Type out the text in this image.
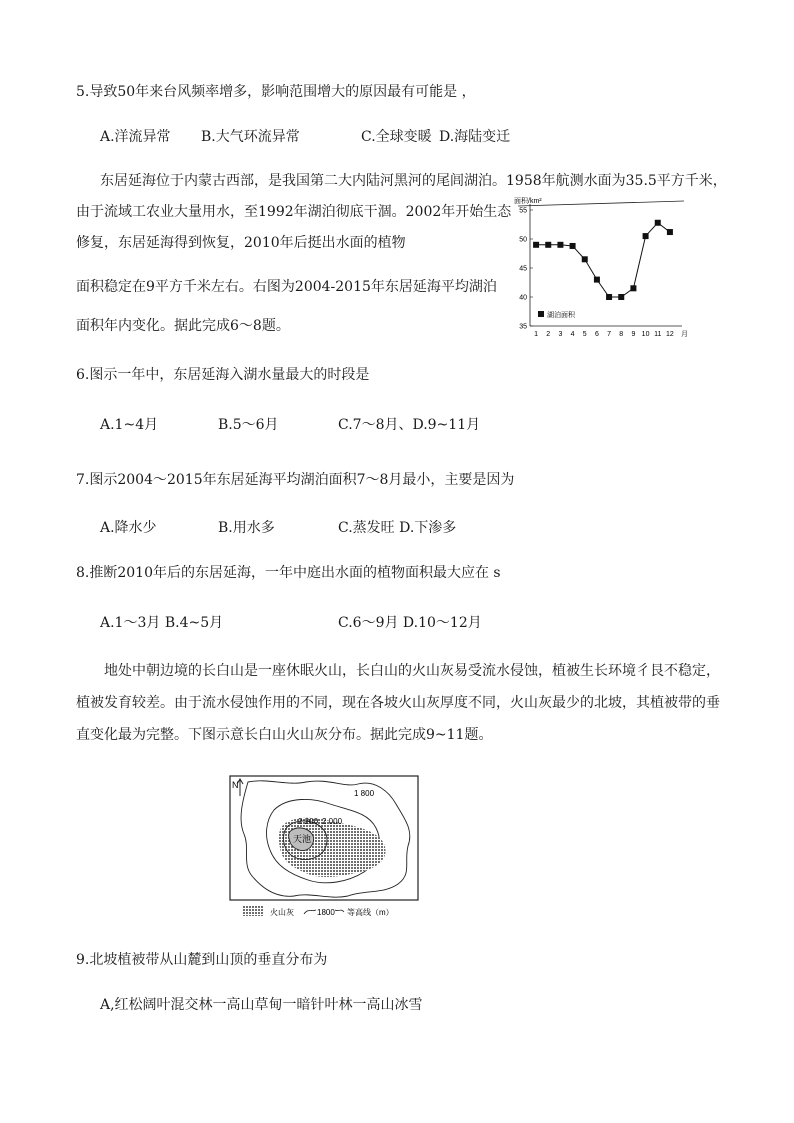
5.导致50年来台风频率增多，影响范围增大的原因最有可能是 ，
A.洋流异常 B.大气环流异常	C.全球变暖 D.海陆变迁
东居延海位于内蒙古西部，是我国第二大内陆河黑河的尾闾湖泊。1958年航测水面为35.5平方千米，
由于流域工农业大量用水，至1992年湖泊彻底干涸。2002年开始生态
修复，东居延海得到恢复，2010年后挺出水面的植物
面积稳定在9平方千米左右。右图为2004-2015年东居延海平均湖泊
面积年内变化。据此完成6～8题。
面积/km²
35
40
45
50
55
1 2 3 4 5 6 7 8 9 10 11 12 月
湖泊面积
6.图示一年中，东居延海入湖水量最大的时段是
A.1~4月	B.5～6月	C.7～8月、D.9~11月
7.图示2004～2015年东居延海平均湖泊面积7～8月最小，主要是因为
A.降水少	B.用水多	C.蒸发旺 D.下渗多
8.推断2010年后的东居延海，一年中庭出水面的植物面积最大应在 s
A.1～3月 B.4~5月	C.6～9月 D.10～12月
地处中朝边境的长白山是一座休眠火山，长白山的火山灰易受流水侵蚀，植被生长环境彳艮不稳定，
植被发育较差。由于流水侵蚀作用的不同，现在各坡火山灰厚度不同，火山灰最少的北坡，其植被带的垂
直变化最为完整。下图示意长白山火山灰分布。据此完成9~11题。
N
天池
1 800
2 200 2 000
火山灰	1800 等高线（m）
9.北坡植被带从山麓到山顶的垂直分布为
A,红松阔叶混交林一高山草甸一暗针叶林一高山冰雪
